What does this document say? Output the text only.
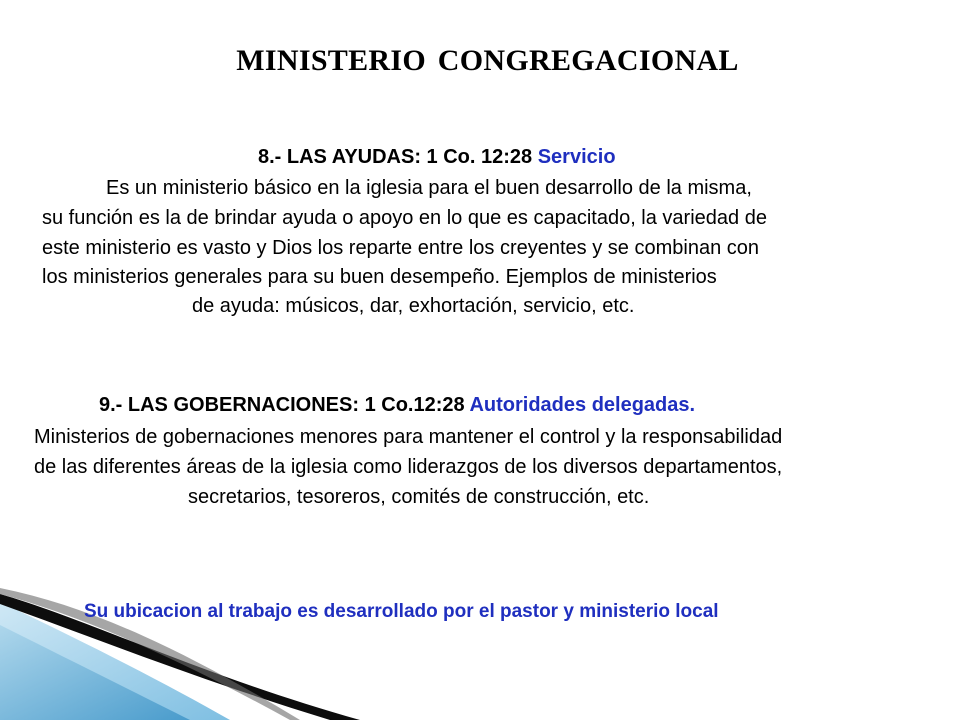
MINISTERIO CONGREGACIONAL
8.- LAS AYUDAS: 1 Co. 12:28 Servicio
Es un ministerio básico en la iglesia para el buen desarrollo de la misma,
su función es la de brindar ayuda o apoyo en lo que es capacitado, la variedad de
este ministerio es vasto y Dios los reparte entre los creyentes y se combinan con
los ministerios generales para su buen desempeño. Ejemplos de ministerios
de ayuda: músicos, dar, exhortación, servicio, etc.
9.- LAS GOBERNACIONES: 1 Co.12:28 Autoridades delegadas.
Ministerios de gobernaciones menores para mantener el control y la responsabilidad
de las diferentes áreas de la iglesia como liderazgos de los diversos departamentos,
secretarios, tesoreros, comités de construcción, etc.
Su ubicacion al trabajo es desarrollado por el pastor y ministerio local
